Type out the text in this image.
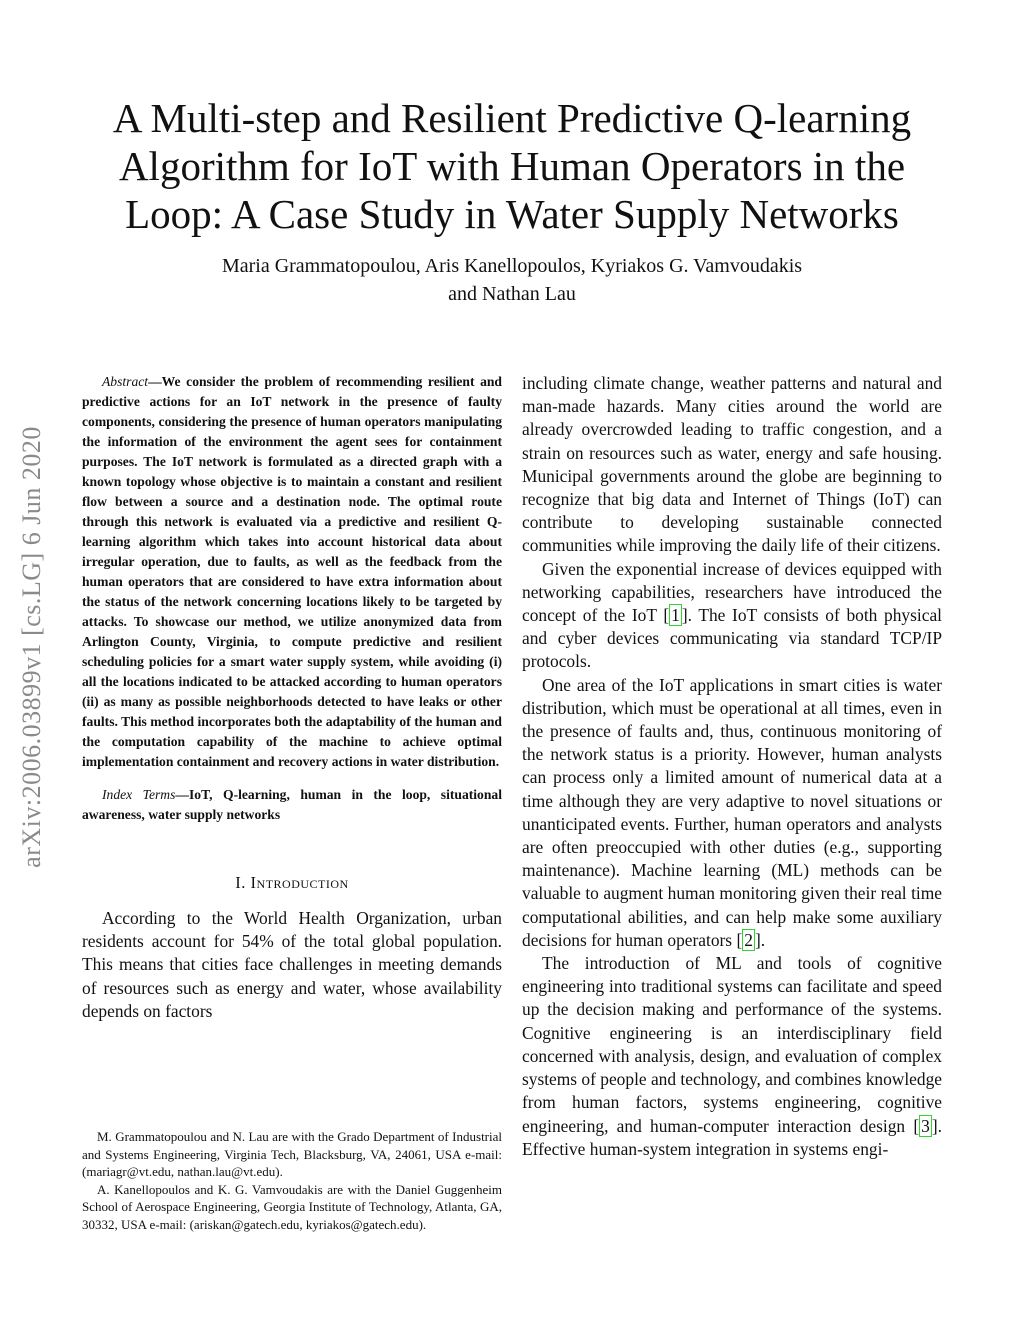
arXiv:2006.03899v1 [cs.LG] 6 Jun 2020
A Multi-step and Resilient Predictive Q-learning
Algorithm for IoT with Human Operators in the
Loop: A Case Study in Water Supply Networks
Maria Grammatopoulou, Aris Kanellopoulos, Kyriakos G. Vamvoudakis
and Nathan Lau

Abstract—We consider the problem of recommending resilient and predictive actions for an IoT network in the presence of faulty components, considering the presence of human operators manipulating the information of the environment the agent sees for containment purposes. The IoT network is formulated as a directed graph with a known topology whose objective is to maintain a constant and resilient flow between a source and a destination node. The optimal route through this network is evaluated via a predictive and resilient Q-learning algorithm which takes into account historical data about irregular operation, due to faults, as well as the feedback from the human operators that are considered to have extra information about the status of the network concerning locations likely to be targeted by attacks. To showcase our method, we utilize anonymized data from Arlington County, Virginia, to compute predictive and resilient scheduling policies for a smart water supply system, while avoiding (i) all the locations indicated to be attacked according to human operators (ii) as many as possible neighborhoods detected to have leaks or other faults. This method incorporates both the adaptability of the human and the computation capability of the machine to achieve optimal implementation containment and recovery actions in water distribution.

Index Terms—IoT, Q-learning, human in the loop, situational awareness, water supply networks

I. Introduction

According to the World Health Organization, urban residents account for 54% of the total global population. This means that cities face challenges in meeting demands of resources such as energy and water, whose availability depends on factors

M. Grammatopoulou and N. Lau are with the Grado Department of Industrial and Systems Engineering, Virginia Tech, Blacksburg, VA, 24061, USA e-mail: (mariagr@vt.edu, nathan.lau@vt.edu).

A. Kanellopoulos and K. G. Vamvoudakis are with the Daniel Guggenheim School of Aerospace Engineering, Georgia Institute of Technology, Atlanta, GA, 30332, USA e-mail: (ariskan@gatech.edu, kyriakos@gatech.edu).

including climate change, weather patterns and natural and man-made hazards. Many cities around the world are already overcrowded leading to traffic congestion, and a strain on resources such as water, energy and safe housing. Municipal governments around the globe are beginning to recognize that big data and Internet of Things (IoT) can contribute to developing sustainable connected communities while improving the daily life of their citizens.

Given the exponential increase of devices equipped with networking capabilities, researchers have introduced the concept of the IoT [ 1 ]. The IoT consists of both physical and cyber devices communicating via standard TCP/IP protocols.

One area of the IoT applications in smart cities is water distribution, which must be operational at all times, even in the presence of faults and, thus, continuous monitoring of the network status is a priority. However, human analysts can process only a limited amount of numerical data at a time although they are very adaptive to novel situations or unanticipated events. Further, human operators and analysts are often preoccupied with other duties (e.g., supporting maintenance). Machine learning (ML) methods can be valuable to augment human monitoring given their real time computational abilities, and can help make some auxiliary decisions for human operators [ 2 ].

The introduction of ML and tools of cognitive engineering into traditional systems can facilitate and speed up the decision making and performance of the systems. Cognitive engineering is an interdisciplinary field concerned with analysis, design, and evaluation of complex systems of people and technology, and combines knowledge from human factors, systems engineering, cognitive engineering, and human-computer interaction design [ 3 ]. Effective human-system integration in systems engi-
